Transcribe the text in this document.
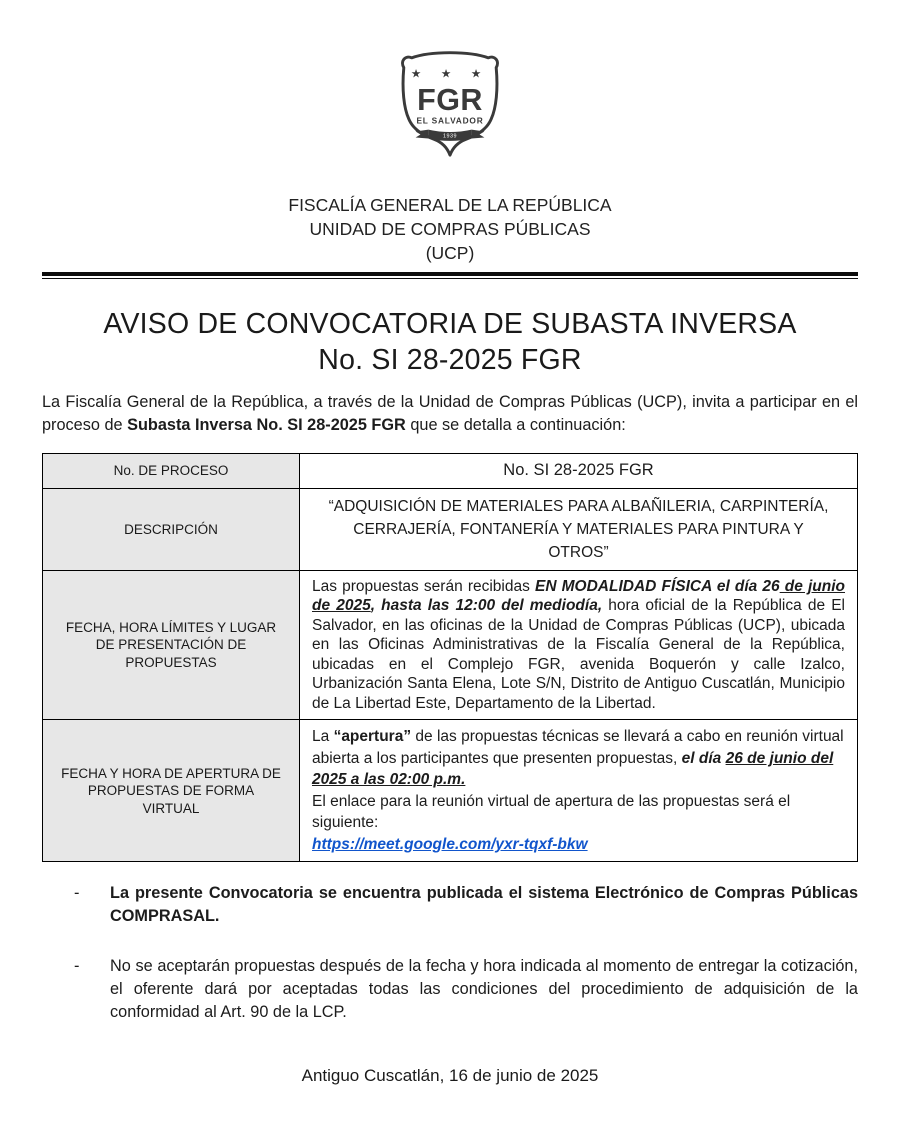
★ ★ ★
FGR
EL SALVADOR
1939
FISCALÍA GENERAL DE LA REPÚBLICA
UNIDAD DE COMPRAS PÚBLICAS
(UCP)
AVISO DE CONVOCATORIA DE SUBASTA INVERSA
No. SI 28-2025 FGR

La Fiscalía General de la República, a través de la Unidad de Compras Públicas (UCP), invita a participar en el proceso de Subasta Inversa No. SI 28-2025 FGR que se detalla a continuación:

No. DE PROCESO	No. SI 28-2025 FGR
DESCRIPCIÓN	“ADQUISICIÓN DE MATERIALES PARA ALBAÑILERIA, CARPINTERÍA, CERRAJERÍA, FONTANERÍA Y MATERIALES PARA PINTURA Y OTROS”
FECHA, HORA LÍMITES Y LUGAR DE PRESENTACIÓN DE PROPUESTAS	Las propuestas serán recibidas EN MODALIDAD FÍSICA el día 26 de junio de 2025, hasta las 12:00 del mediodía, hora oficial de la República de El Salvador, en las oficinas de la Unidad de Compras Públicas (UCP), ubicada en las Oficinas Administrativas de la Fiscalía General de la República, ubicadas en el Complejo FGR, avenida Boquerón y calle Izalco, Urbanización Santa Elena, Lote S/N, Distrito de Antiguo Cuscatlán, Municipio de La Libertad Este, Departamento de la Libertad.
FECHA Y HORA DE APERTURA DE PROPUESTAS DE FORMA VIRTUAL	La “apertura” de las propuestas técnicas se llevará a cabo en reunión virtual abierta a los participantes que presenten propuestas, el día 26 de junio del 2025 a las 02:00 p.m.

El enlace para la reunión virtual de apertura de las propuestas será el siguiente:

https://meet.google.com/yxr-tqxf-bkw

-	La presente Convocatoria se encuentra publicada el sistema Electrónico de Compras Públicas COMPRASAL.
-	No se aceptarán propuestas después de la fecha y hora indicada al momento de entregar la cotización, el oferente dará por aceptadas todas las condiciones del procedimiento de adquisición de la conformidad al Art. 90 de la LCP.
Antiguo Cuscatlán, 16 de junio de 2025
